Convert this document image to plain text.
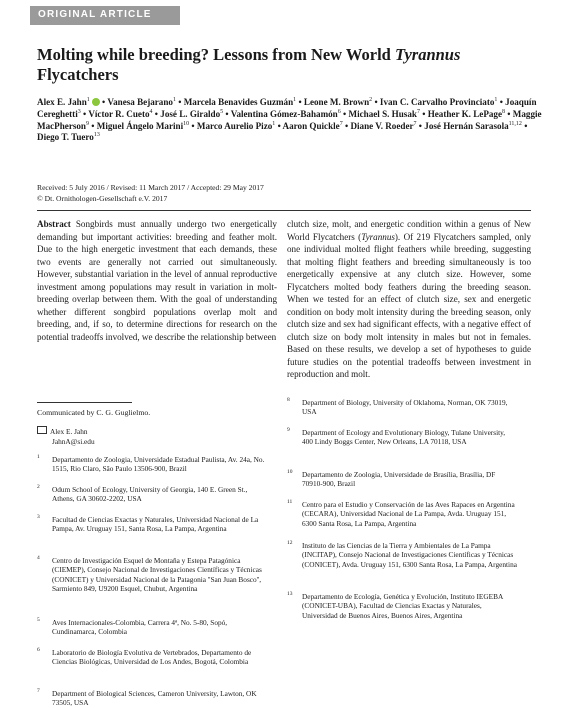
ORIGINAL ARTICLE
Molting while breeding? Lessons from New World Tyrannus
Flycatchers
Alex E. Jahn$^1$ • Vanesa Bejarano$^1$ • Marcela Benavides Guzmán$^1$ • Leone M. Brown$^2$ • Ivan C. Carvalho Provinciato$^1$ • Joaquín Cereghetti$^3$ • Víctor R. Cueto$^4$ • José L. Giraldo$^5$ • Valentina Gómez-Bahamón$^6$ • Michael S. Husak$^7$ • Heather K. LePage$^8$ • Maggie MacPherson$^9$ • Miguel Ángelo Marini$^{10}$ • Marco Aurelio Pizo$^1$ • Aaron Quickle$^7$ • Diane V. Roeder$^7$ • José Hernán Sarasola$^{11,12}$ • Diego T. Tuero$^{13}$
Received: 5 July 2016 / Revised: 11 March 2017 / Accepted: 29 May 2017
© Dt. Ornithologen-Gesellschaft e.V. 2017
Abstract Songbirds must annually undergo two energetically demanding but important activities: breeding and feather molt. Due to the high energetic investment that each demands, these two events are generally not carried out simultaneously. However, substantial variation in the level of annual reproductive investment among populations may result in variation in molt-breeding overlap between them. With the goal of understanding whether different songbird populations overlap molt and breeding, and, if so, to determine directions for research on the potential tradeoffs involved, we describe the relationship between
clutch size, molt, and energetic condition within a genus of New World Flycatchers (Tyrannus). Of 219 Flycatchers sampled, only one individual molted flight feathers while breeding, suggesting that molting flight feathers and breeding simultaneously is too energetically expensive at any clutch size. However, some Flycatchers molted body feathers during the breeding season. When we tested for an effect of clutch size, sex and energetic condition on body molt intensity during the breeding season, only clutch size and sex had significant effects, with a negative effect of clutch size on body molt intensity in males but not in females. Based on these results, we develop a set of hypotheses to guide future studies on the potential tradeoffs between investment in reproduction and molt.
Communicated by C. G. Guglielmo.
Alex E. Jahn
JahnA@si.edu
1 Departamento de Zoologia, Universidade Estadual Paulista, Av. 24a, No. 1515, Rio Claro, São Paulo 13506-900, Brazil
2 Odum School of Ecology, University of Georgia, 140 E. Green St., Athens, GA 30602-2202, USA
3 Facultad de Ciencias Exactas y Naturales, Universidad Nacional de La Pampa, Av. Uruguay 151, Santa Rosa, La Pampa, Argentina
4 Centro de Investigación Esquel de Montaña y Estepa Patagónica (CIEMEP), Consejo Nacional de Investigaciones Científicas y Técnicas (CONICET) y Universidad Nacional de la Patagonia ''San Juan Bosco'', Sarmiento 849, U9200 Esquel, Chubut, Argentina
5 Aves Internacionales-Colombia, Carrera 4ª, No. 5-80, Sopó, Cundinamarca, Colombia
6 Laboratorio de Biología Evolutiva de Vertebrados, Departamento de Ciencias Biológicas, Universidad de Los Andes, Bogotá, Colombia
7 Department of Biological Sciences, Cameron University, Lawton, OK 73505, USA
8 Department of Biology, University of Oklahoma, Norman, OK 73019, USA
9 Department of Ecology and Evolutionary Biology, Tulane University, 400 Lindy Boggs Center, New Orleans, LA 70118, USA
10 Departamento de Zoologia, Universidade de Brasília, Brasília, DF 70910-900, Brazil
11 Centro para el Estudio y Conservación de las Aves Rapaces en Argentina (CECARA), Universidad Nacional de La Pampa, Avda. Uruguay 151, 6300 Santa Rosa, La Pampa, Argentina
12 Instituto de las Ciencias de la Tierra y Ambientales de La Pampa (INCITAP), Consejo Nacional de Investigaciones Científicas y Técnicas (CONICET), Avda. Uruguay 151, 6300 Santa Rosa, La Pampa, Argentina
13 Departamento de Ecología, Genética y Evolución, Instituto IEGEBA (CONICET-UBA), Facultad de Ciencias Exactas y Naturales, Universidad de Buenos Aires, Buenos Aires, Argentina
